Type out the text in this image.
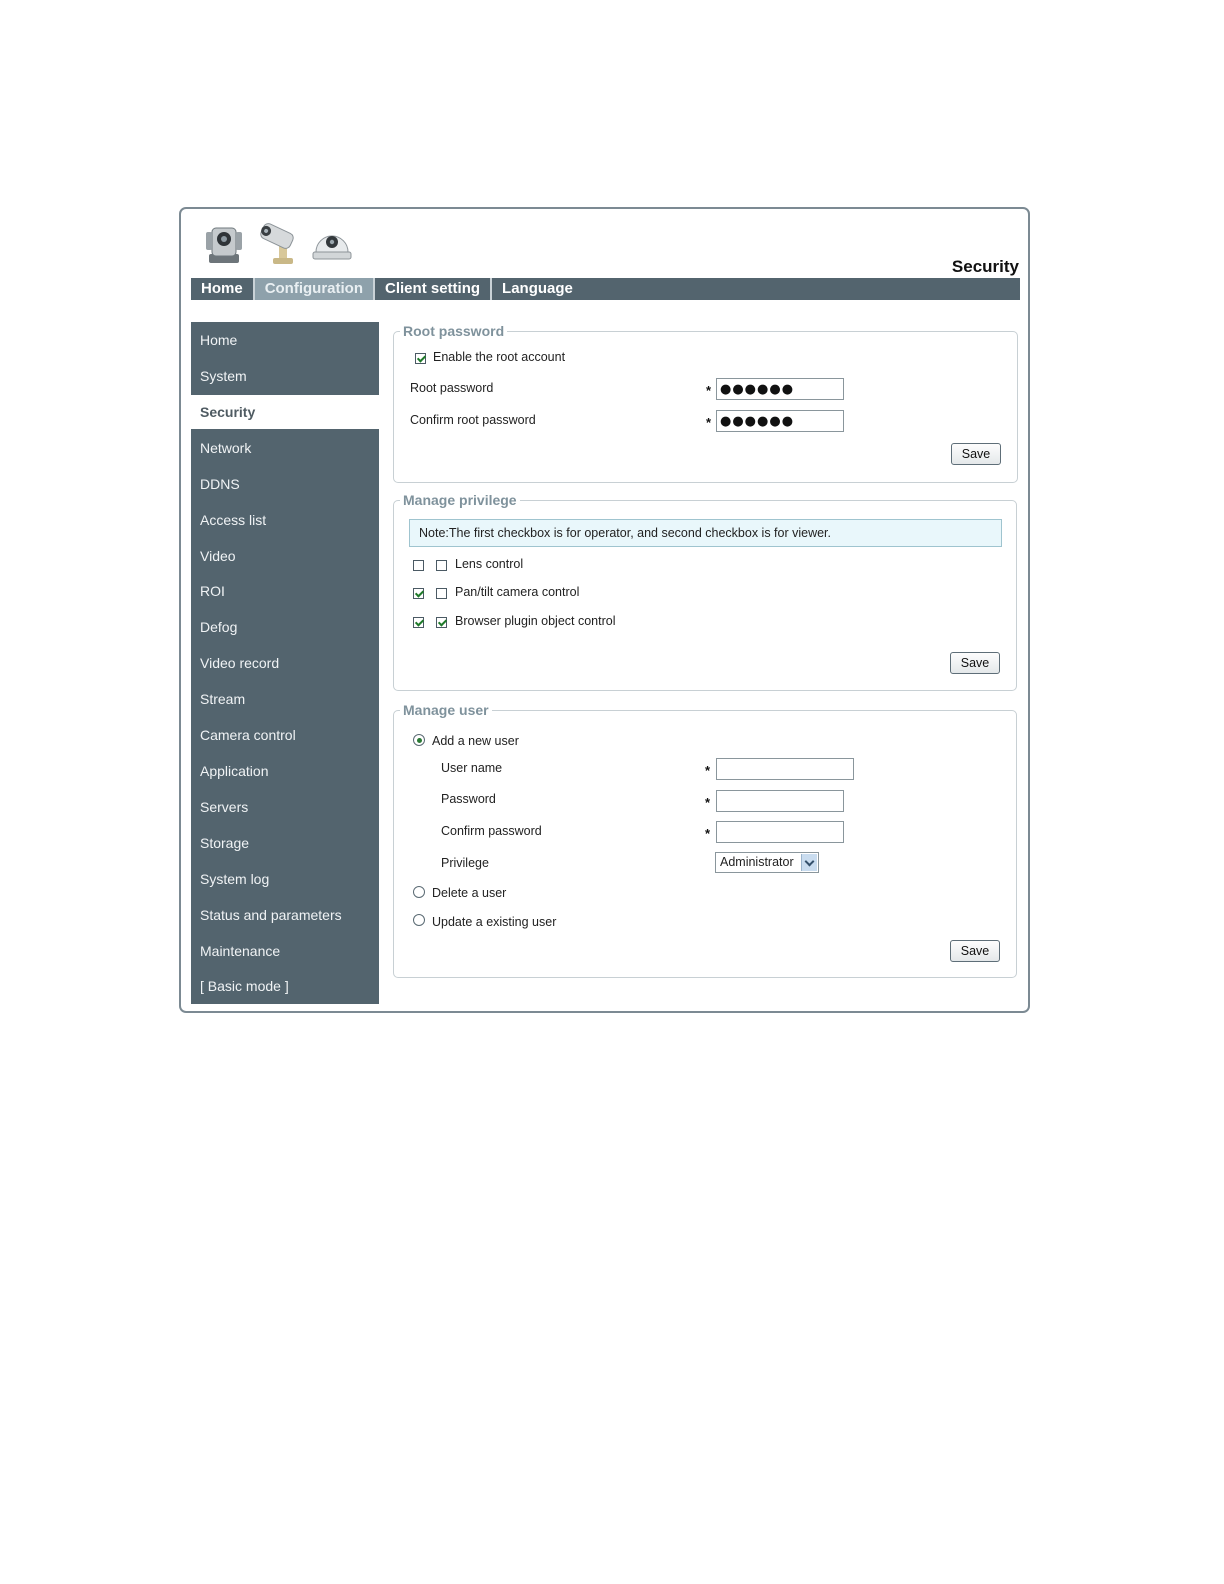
Security
Home	Configuration	Client setting	Language
Home
System
Security
Network
DDNS
Access list
Video
ROI
Defog
Video record
Stream
Camera control
Application
Servers
Storage
System log
Status and parameters
Maintenance
[ Basic mode ]
Root password
Enable the root account
Root password	*
●●●●●●
Confirm root password	*
●●●●●●
Save
Manage privilege
Note:The first checkbox is for operator, and second checkbox is for viewer.
Lens control
Pan/tilt camera control
Browser plugin object control
Save
Manage user
Add a new user
User name	*
Password	*
Confirm password	*
Privilege	Administrator
Delete a user
Update a existing user
Save
